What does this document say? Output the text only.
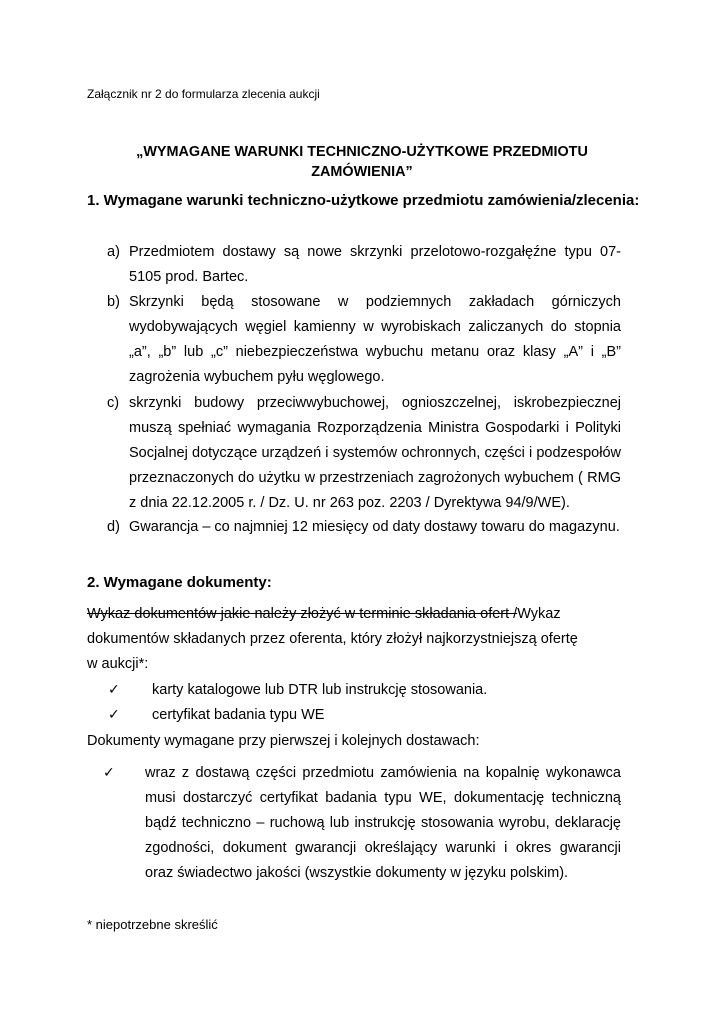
Załącznik nr 2 do formularza zlecenia aukcji
„WYMAGANE WARUNKI TECHNICZNO-UŻYTKOWE PRZEDMIOTU
ZAMÓWIENIA”
1. Wymagane warunki techniczno-użytkowe przedmiotu zamówienia/zlecenia:
a) Przedmiotem dostawy są nowe skrzynki przelotowo-rozgałęźne typu 07-5105 prod. Bartec.
b) Skrzynki będą stosowane w podziemnych zakładach górniczych wydobywających węgiel kamienny w wyrobiskach zaliczanych do stopnia „a”, „b” lub „c” niebezpieczeństwa wybuchu metanu oraz klasy „A” i „B” zagrożenia wybuchem pyłu węglowego.
c) skrzynki budowy przeciwwybuchowej, ognioszczelnej, iskrobezpiecznej muszą spełniać wymagania Rozporządzenia Ministra Gospodarki i Polityki Socjalnej dotyczące urządzeń i systemów ochronnych, części i podzespołów przeznaczonych do użytku w przestrzeniach zagrożonych wybuchem ( RMG z dnia 22.12.2005 r. / Dz. U. nr 263 poz. 2203 / Dyrektywa 94/9/WE).
d) Gwarancja – co najmniej 12 miesięcy od daty dostawy towaru do magazynu.
2. Wymagane dokumenty:
Wykaz dokumentów jakie należy złożyć w terminie składania ofert /Wykaz
dokumentów składanych przez oferenta, który złożył najkorzystniejszą ofertę
w aukcji*:
✓ karty katalogowe lub DTR lub instrukcję stosowania.
✓ certyfikat badania typu WE
Dokumenty wymagane przy pierwszej i kolejnych dostawach:
✓ wraz z dostawą części przedmiotu zamówienia na kopalnię wykonawca musi dostarczyć certyfikat badania typu WE, dokumentację techniczną bądź techniczno – ruchową lub instrukcję stosowania wyrobu, deklarację zgodności, dokument gwarancji określający warunki i okres gwarancji oraz świadectwo jakości (wszystkie dokumenty w języku polskim).
* niepotrzebne skreślić
